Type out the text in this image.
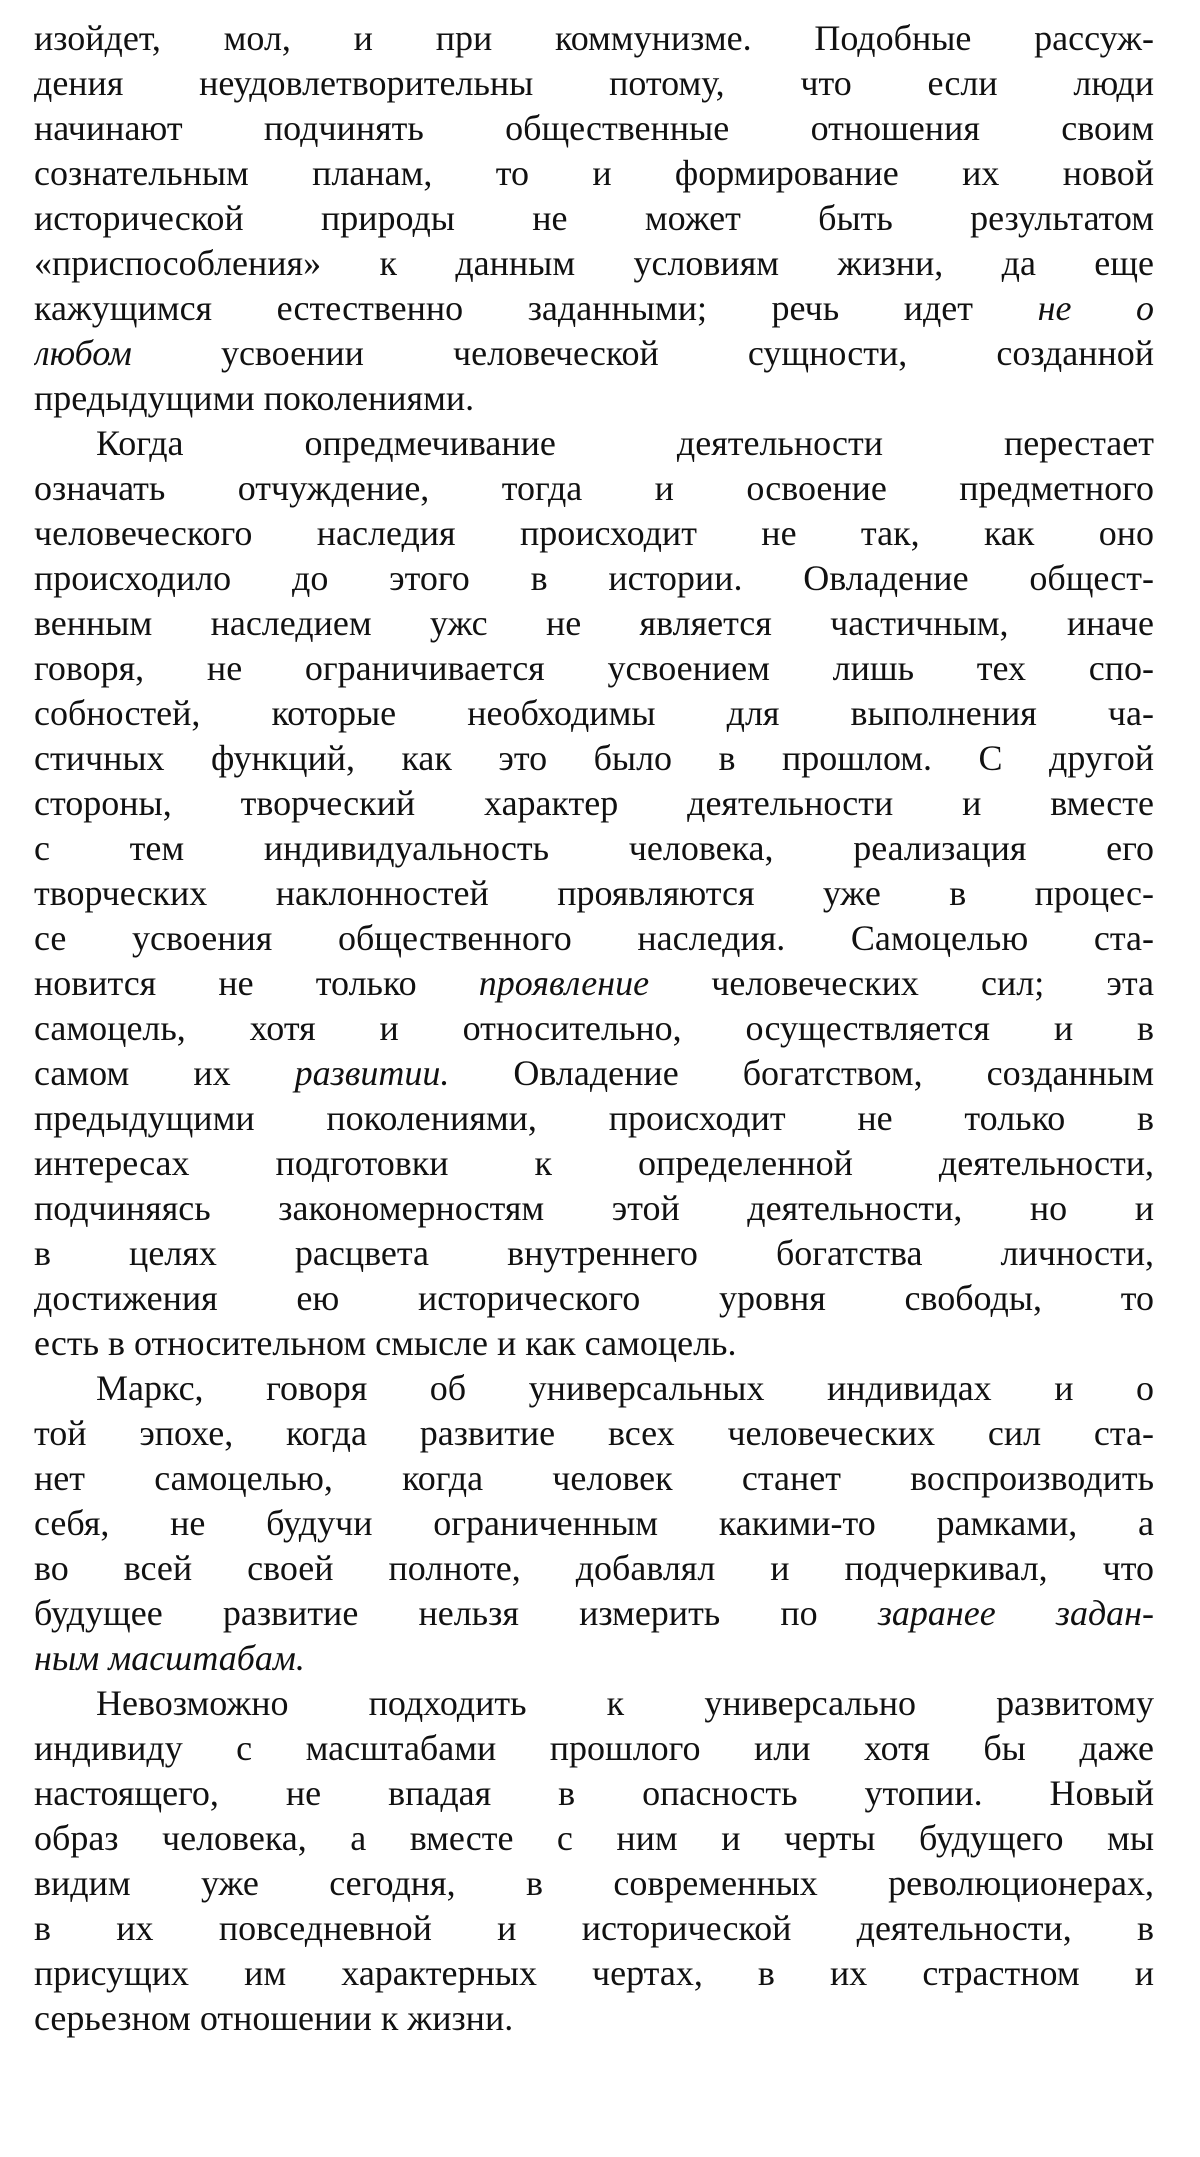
изойдет, мол, и при коммунизме. Подобные рассуж-
дения неудовлетворительны потому, что если люди
начинают подчинять общественные отношения своим
сознательным планам, то и формирование их новой
исторической природы не может быть результатом
«приспособления» к данным условиям жизни, да еще
кажущимся естественно заданными; речь идет не о
любом усвоении человеческой сущности, созданной
предыдущими поколениями.
Когда опредмечивание деятельности перестает
означать отчуждение, тогда и освоение предметного
человеческого наследия происходит не так, как оно
происходило до этого в истории. Овладение общест-
венным наследием ужс не является частичным, иначе
говоря, не ограничивается усвоением лишь тех спо-
собностей, которые необходимы для выполнения ча-
стичных функций, как это было в прошлом. С другой
стороны, творческий характер деятельности и вместе
с тем индивидуальность человека, реализация его
творческих наклонностей проявляются уже в процес-
се усвоения общественного наследия. Самоцелью ста-
новится не только проявление человеческих сил; эта
самоцель, хотя и относительно, осуществляется и в
самом их развитии. Овладение богатством, созданным
предыдущими поколениями, происходит не только в
интересах подготовки к определенной деятельности,
подчиняясь закономерностям этой деятельности, но и
в целях расцвета внутреннего богатства личности,
достижения ею исторического уровня свободы, то
есть в относительном смысле и как самоцель.
Маркс, говоря об универсальных индивидах и о
той эпохе, когда развитие всех человеческих сил ста-
нет самоцелью, когда человек станет воспроизводить
себя, не будучи ограниченным какими-то рамками, а
во всей своей полноте, добавлял и подчеркивал, что
будущее развитие нельзя измерить по заранее задан-
ным масштабам.
Невозможно подходить к универсально развитому
индивиду с масштабами прошлого или хотя бы даже
настоящего, не впадая в опасность утопии. Новый
образ человека, а вместе с ним и черты будущего мы
видим уже сегодня, в современных революционерах,
в их повседневной и исторической деятельности, в
присущих им характерных чертах, в их страстном и
серьезном отношении к жизни.
